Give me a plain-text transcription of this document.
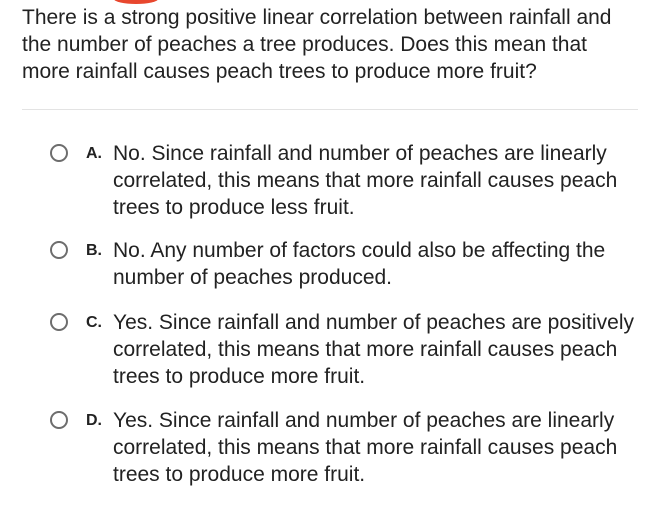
There is a strong positive linear correlation between rainfall and the number of peaches a tree produces. Does this mean that more rainfall causes peach trees to produce more fruit?
A. No. Since rainfall and number of peaches are linearly correlated, this means that more rainfall causes peach trees to produce less fruit.
B. No. Any number of factors could also be affecting the number of peaches produced.
C. Yes. Since rainfall and number of peaches are positively correlated, this means that more rainfall causes peach trees to produce more fruit.
D. Yes. Since rainfall and number of peaches are linearly correlated, this means that more rainfall causes peach trees to produce more fruit.
